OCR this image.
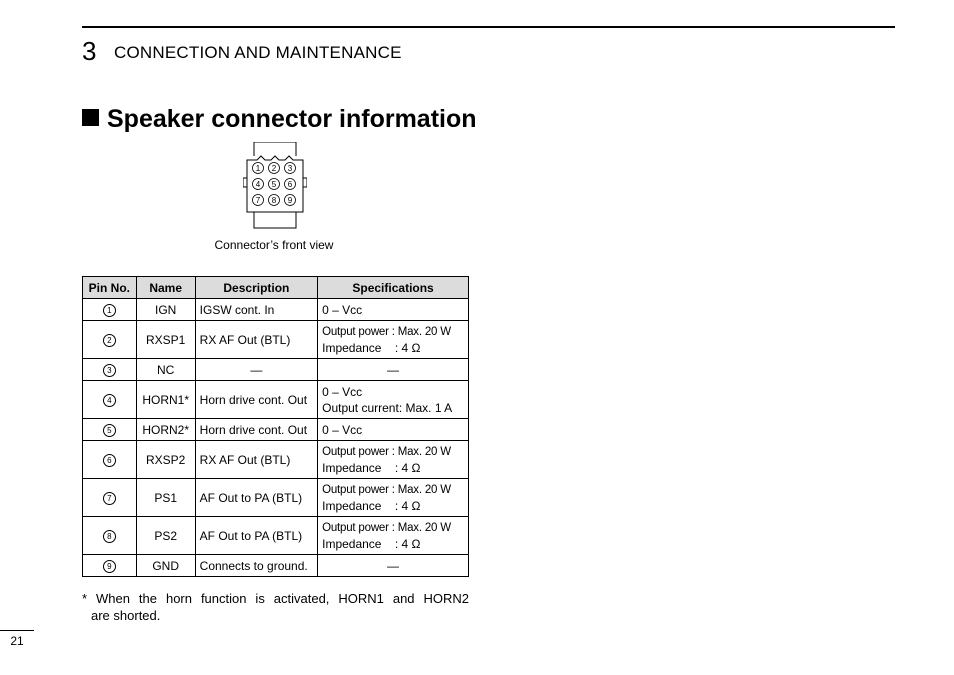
3 CONNECTION AND MAINTENANCE
Speaker connector information
1 2 3
4 5 6
7 8 9
Connector’s front view
Pin No.	Name	Description	Specifications
1	IGN	IGSW cont. In	0 – Vcc

2	RXSP1	RX AF Out (BTL)	Output power : Max. 20 W
Impedance    : 4 Ω

3	NC	—	—

4	HORN1*	Horn drive cont. Out	0 – Vcc
Output current: Max. 1 A

5	HORN2*	Horn drive cont. Out	0 – Vcc

6	RXSP2	RX AF Out (BTL)	Output power : Max. 20 W
Impedance    : 4 Ω

7	PS1	AF Out to PA (BTL)	Output power : Max. 20 W
Impedance    : 4 Ω

8	PS2	AF Out to PA (BTL)	Output power : Max. 20 W
Impedance    : 4 Ω

9	GND	Connects to ground.	—
* When the horn function is activated, HORN1 and HORN2
are shorted.
21
